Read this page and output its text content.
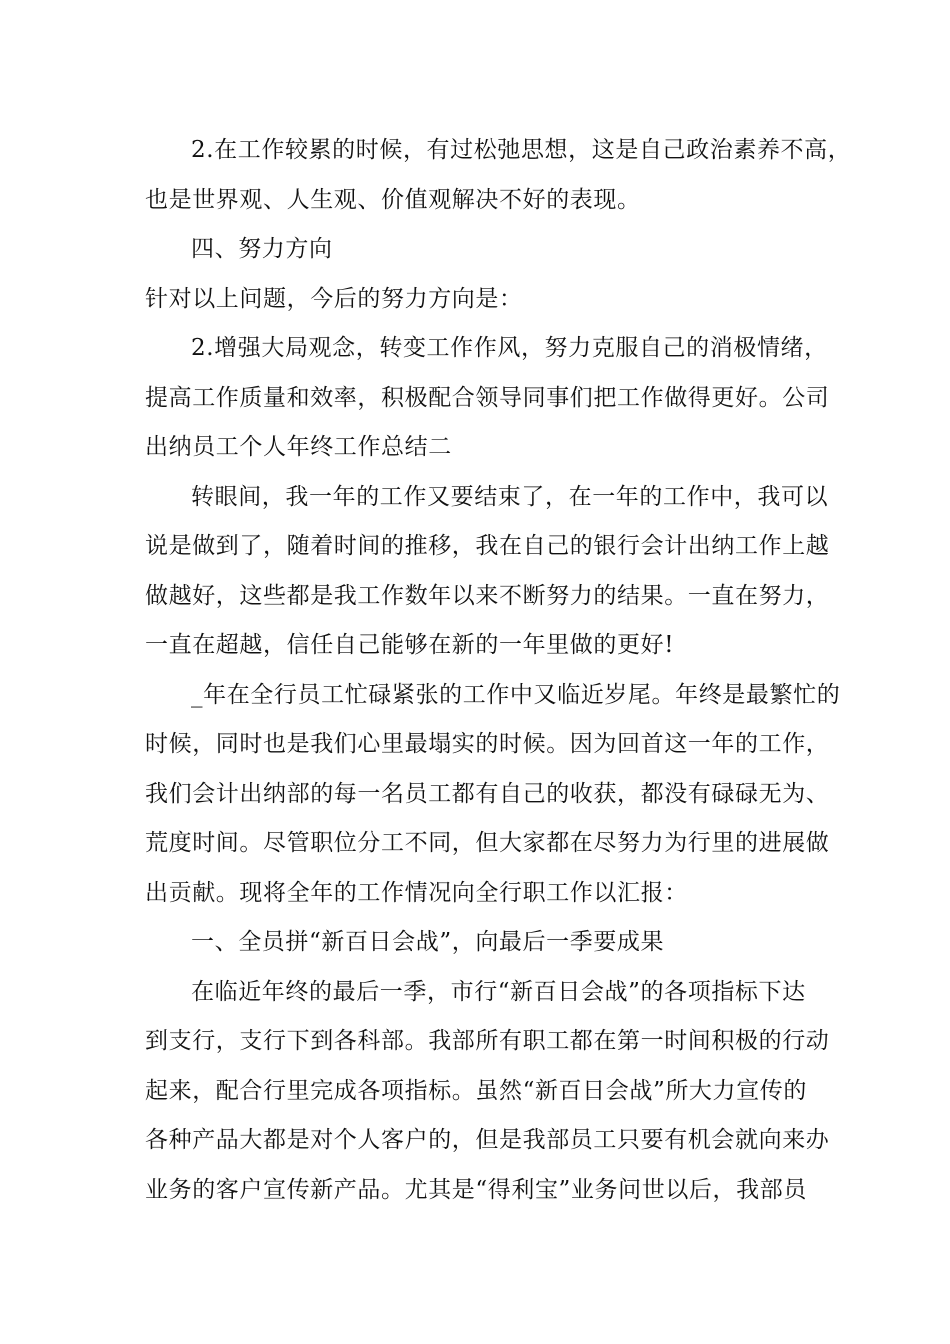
2.在工作较累的时候，有过松弛思想，这是自己政治素养不高，
也是世界观、人生观、价值观解决不好的表现。
四、努力方向
针对以上问题，今后的努力方向是：
2.增强大局观念，转变工作作风，努力克服自己的消极情绪，
提高工作质量和效率，积极配合领导同事们把工作做得更好。公司
出纳员工个人年终工作总结二
转眼间，我一年的工作又要结束了，在一年的工作中，我可以
说是做到了，随着时间的推移，我在自己的银行会计出纳工作上越
做越好，这些都是我工作数年以来不断努力的结果。一直在努力，
一直在超越，信任自己能够在新的一年里做的更好!
_年在全行员工忙碌紧张的工作中又临近岁尾。年终是最繁忙的
时候，同时也是我们心里最塌实的时候。因为回首这一年的工作，
我们会计出纳部的每一名员工都有自己的收获，都没有碌碌无为、
荒度时间。尽管职位分工不同，但大家都在尽努力为行里的进展做
出贡献。现将全年的工作情况向全行职工作以汇报：
一、全员拼“新百日会战”，向最后一季要成果
在临近年终的最后一季，市行“新百日会战”的各项指标下达
到支行，支行下到各科部。我部所有职工都在第一时间积极的行动
起来，配合行里完成各项指标。虽然“新百日会战”所大力宣传的
各种产品大都是对个人客户的，但是我部员工只要有机会就向来办
业务的客户宣传新产品。尤其是“得利宝”业务问世以后，我部员
